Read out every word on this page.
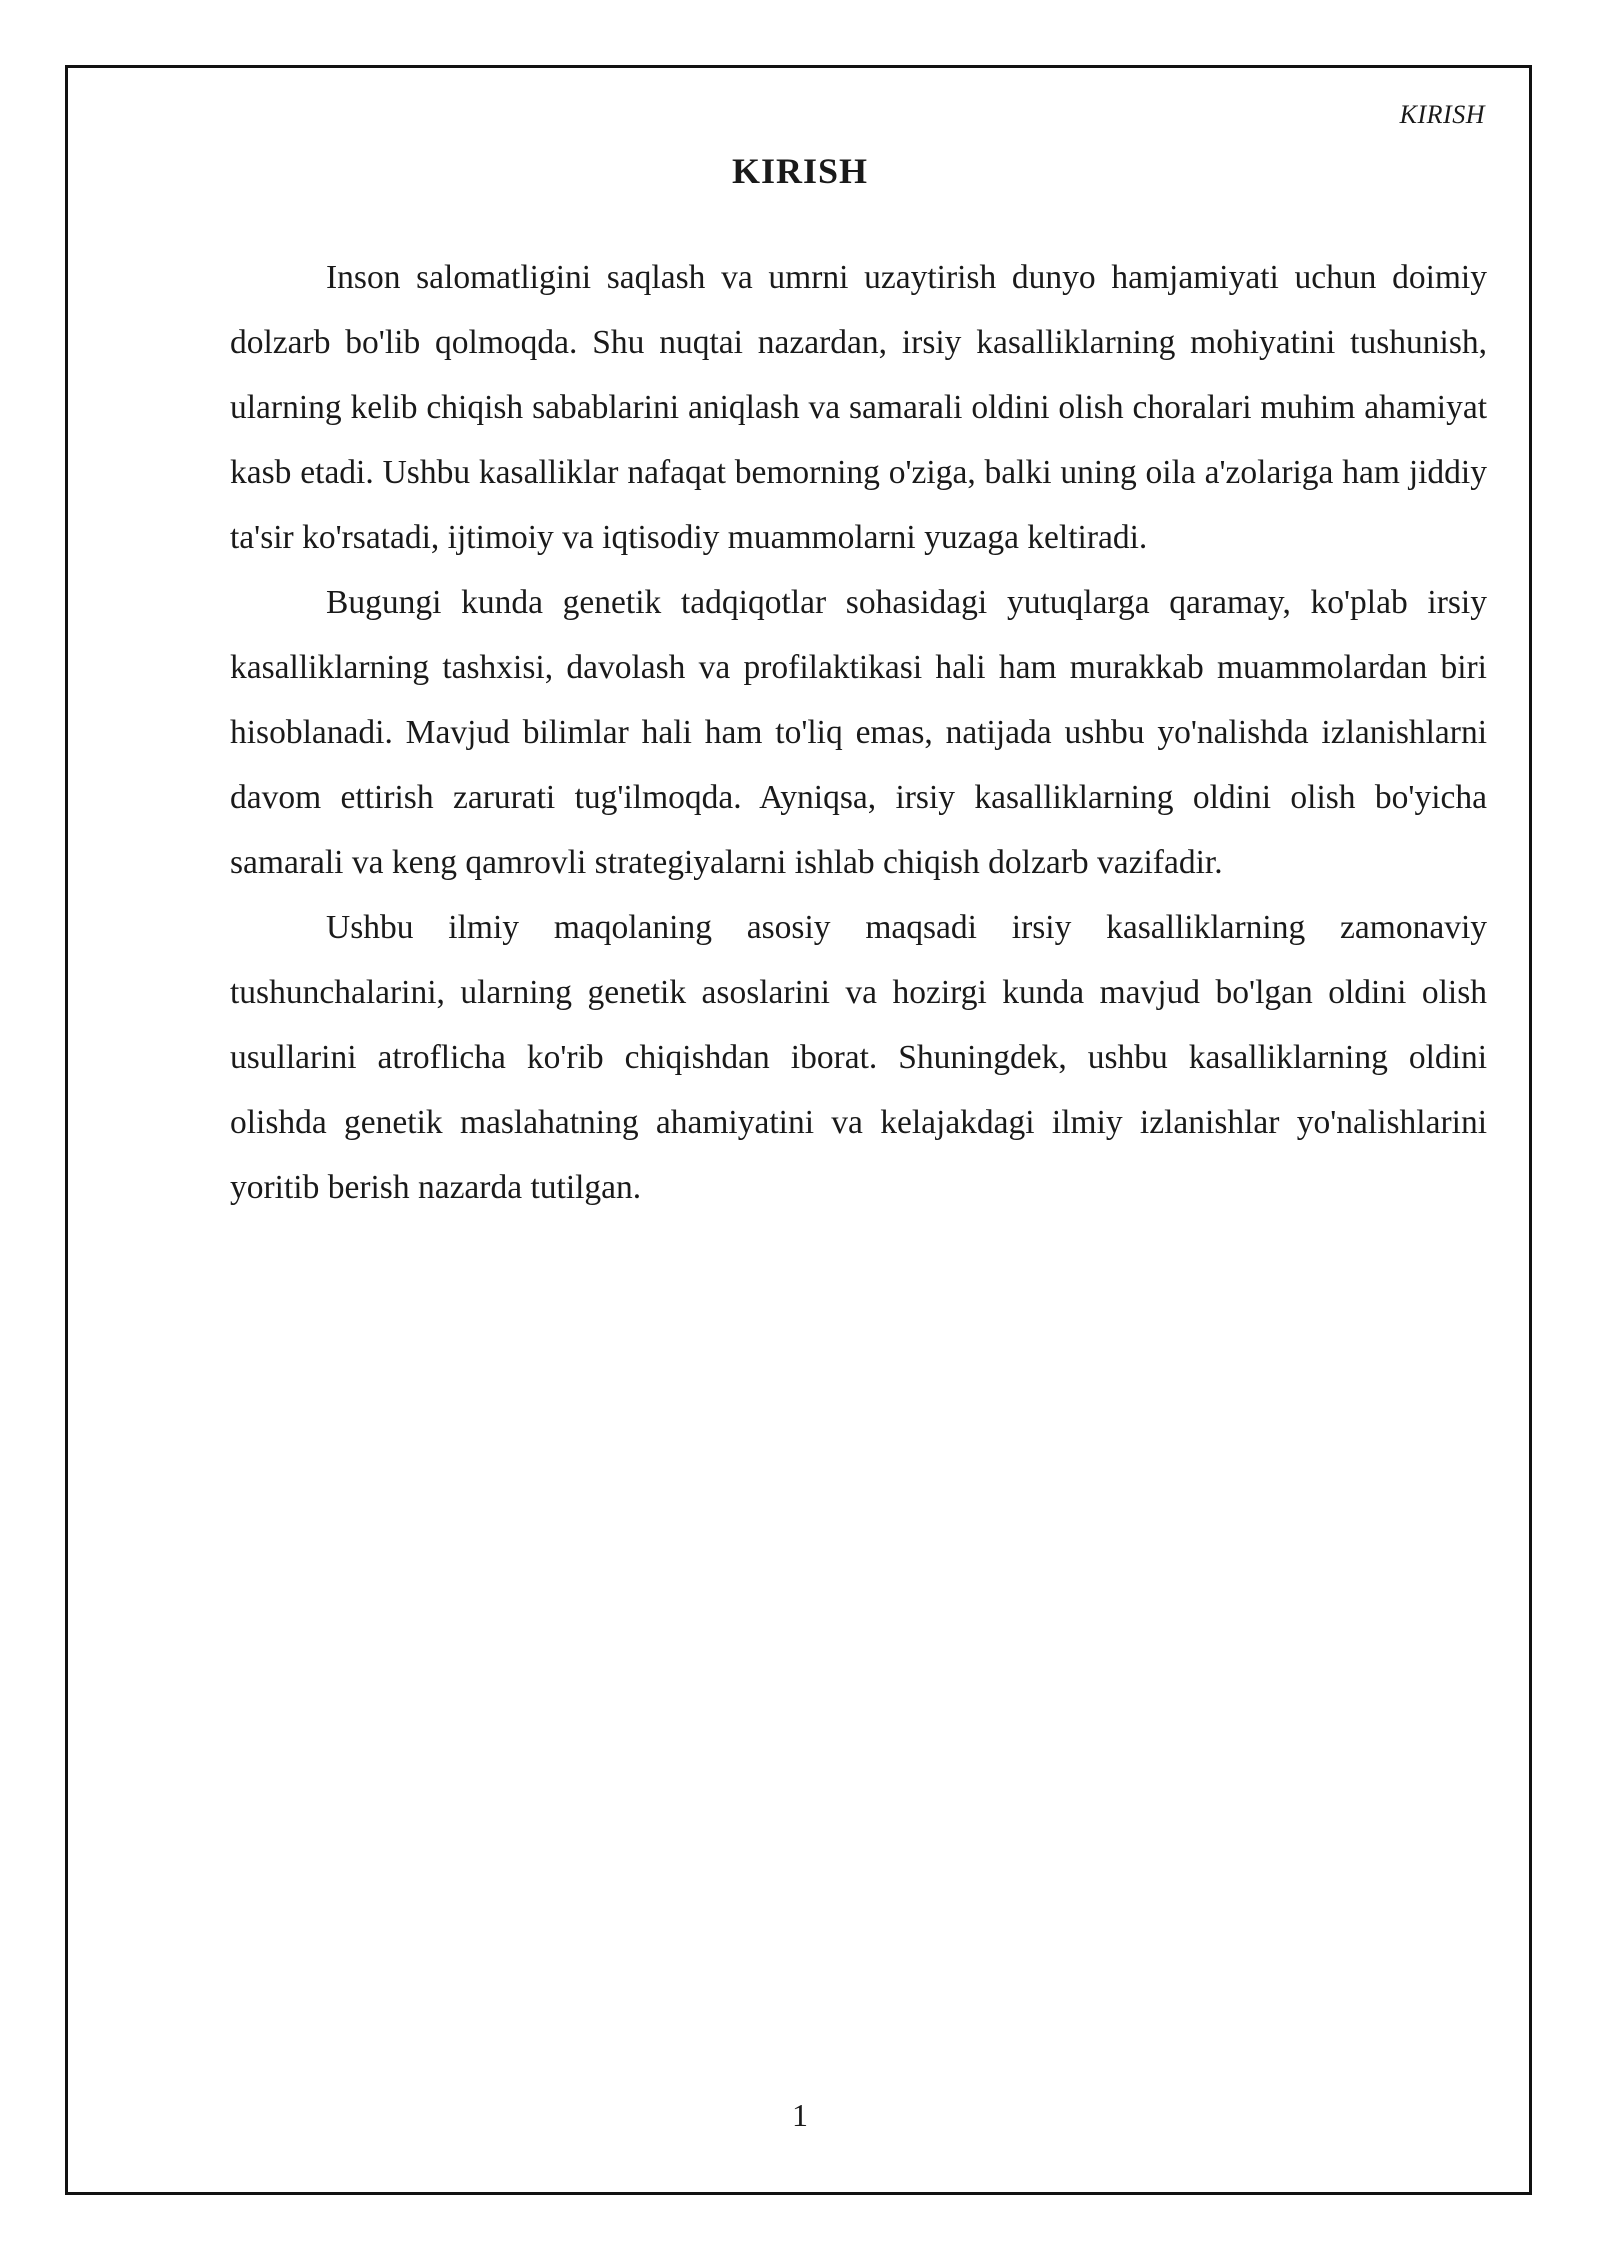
KIRISH
KIRISH

Inson salomatligini saqlash va umrni uzaytirish dunyo hamjamiyati uchun doimiy dolzarb bo'lib qolmoqda. Shu nuqtai nazardan, irsiy kasalliklarning mohiyatini tushunish, ularning kelib chiqish sabablarini aniqlash va samarali oldini olish choralari muhim ahamiyat kasb etadi. Ushbu kasalliklar nafaqat bemorning o'ziga, balki uning oila a'zolariga ham jiddiy ta'sir ko'rsatadi, ijtimoiy va iqtisodiy muammolarni yuzaga keltiradi.

Bugungi kunda genetik tadqiqotlar sohasidagi yutuqlarga qaramay, ko'plab irsiy kasalliklarning tashxisi, davolash va profilaktikasi hali ham murakkab muammolardan biri hisoblanadi. Mavjud bilimlar hali ham to'liq emas, natijada ushbu yo'nalishda izlanishlarni davom ettirish zarurati tug'ilmoqda. Ayniqsa, irsiy kasalliklarning oldini olish bo'yicha samarali va keng qamrovli strategiyalarni ishlab chiqish dolzarb vazifadir.

Ushbu ilmiy maqolaning asosiy maqsadi irsiy kasalliklarning zamonaviy tushunchalarini, ularning genetik asoslarini va hozirgi kunda mavjud bo'lgan oldini olish usullarini atroflicha ko'rib chiqishdan iborat. Shuningdek, ushbu kasalliklarning oldini olishda genetik maslahatning ahamiyatini va kelajakdagi ilmiy izlanishlar yo'nalishlarini yoritib berish nazarda tutilgan.

1
